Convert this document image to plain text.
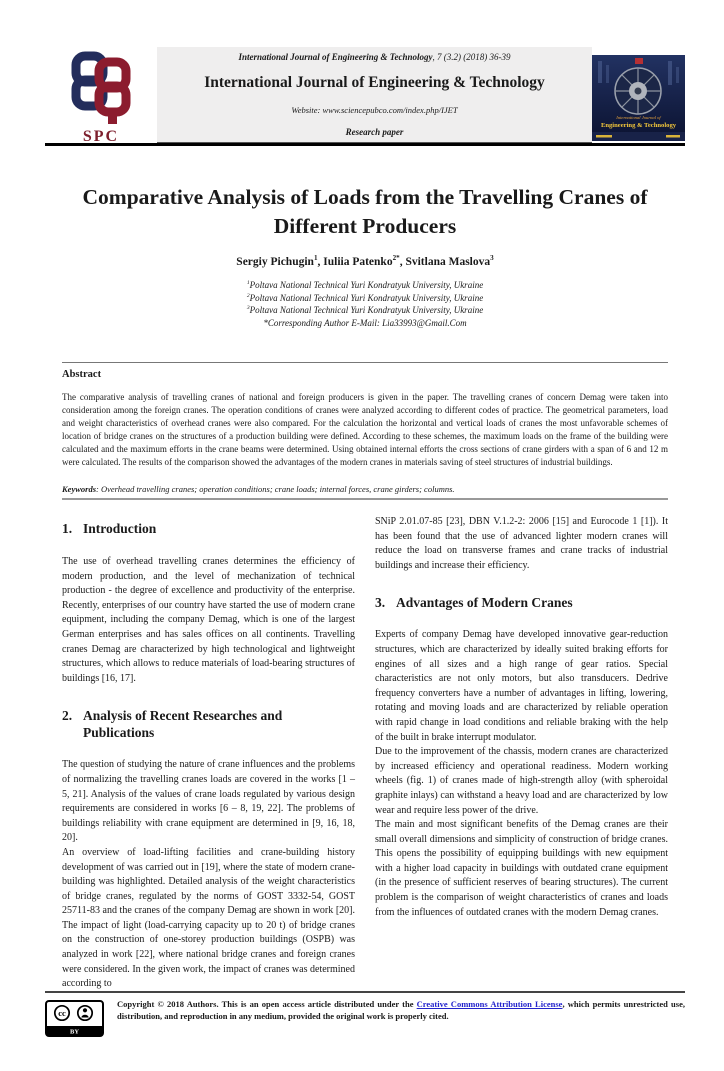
SPC
International Journal of Engineering & Technology, 7 (3.2) (2018) 36-39
International Journal of Engineering & Technology
Website: www.sciencepubco.com/index.php/IJET
Research paper
International Journal of
Engineering & Technology
Comparative Analysis of Loads from the Travelling Cranes of Different Producers
Sergiy Pichugin$^1$, Iuliia Patenko$^{2*}$, Svitlana Maslova$^3$
$^1$Poltava National Technical Yuri Kondratyuk University, Ukraine
$^2$Poltava National Technical Yuri Kondratyuk University, Ukraine
$^3$Poltava National Technical Yuri Kondratyuk University, Ukraine
*Corresponding Author E-Mail: Lia33993@Gmail.Com
Abstract
The comparative analysis of travelling cranes of national and foreign producers is given in the paper. The travelling cranes of concern Demag were taken into consideration among the foreign cranes. The operation conditions of cranes were analyzed according to different codes of practice. The geometrical parameters, load and weight characteristics of overhead cranes were also compared. For the calculation the horizontal and vertical loads of cranes the most unfavorable schemes of location of bridge cranes on the structures of a production building were defined. According to these schemes, the maximum loads on the frame of the building were calculated and the maximum efforts in the crane beams were determined. Using obtained internal efforts the cross sections of crane girders with a span of 6 and 12 m were calculated. The results of the comparison showed the advantages of the modern cranes in materials saving of steel structures of industrial buildings.
Keywords: Overhead travelling cranes; operation conditions; crane loads; internal forces, crane girders; columns.
1. Introduction

The use of overhead travelling cranes determines the efficiency of modern production, and the level of mechanization of technical production - the degree of excellence and productivity of the enterprise. Recently, enterprises of our country have started the use of modern crane equipment, including the company Demag, which is one of the largest German enterprises and has sales offices on all continents. Travelling cranes Demag are characterized by high technological and lightweight structures, which allows to reduce materials of load-bearing structures of buildings [16, 17].

2. Analysis of Recent Researches and Publications

The question of studying the nature of crane influences and the problems of normalizing the travelling cranes loads are covered in the works [1 – 5, 21]. Analysis of the values of crane loads regulated by various design requirements are considered in works [6 – 8, 19, 22]. The problems of buildings reliability with crane equipment are determined in [9, 16, 18, 20].

An overview of load-lifting facilities and crane-building history development of was carried out in [19], where the state of modern crane-building was highlighted. Detailed analysis of the weight characteristics of bridge cranes, regulated by the norms of GOST 3332-54, GOST 25711-83 and the cranes of the company Demag are shown in work [20]. The impact of light (load-carrying capacity up to 20 t) of bridge cranes on the construction of one-storey production buildings (OSPB) was analyzed in work [22], where national bridge cranes and foreign cranes were considered. In the given work, the impact of cranes was determined according to

SNiP 2.01.07-85 [23], DBN V.1.2-2: 2006 [15] and Eurocode 1 [1]). It has been found that the use of advanced lighter modern cranes will reduce the load on transverse frames and crane tracks of industrial buildings and increase their efficiency.

3. Advantages of Modern Cranes

Experts of company Demag have developed innovative gear-reduction structures, which are characterized by ideally suited braking efforts for engines of all sizes and a high range of gear ratios. Special characteristics are not only motors, but also transducers. Dedrive frequency converters have a number of advantages in lifting, lowering, rotating and moving loads and are characterized by reliable operation with rapid change in load conditions and reliable braking with the help of the built in brake interrupt modulator.

Due to the improvement of the chassis, modern cranes are characterized by increased efficiency and operational readiness. Modern working wheels (fig. 1) of cranes made of high-strength alloy (with spheroidal graphite inlays) can withstand a heavy load and are characterized by low wear and require less power of the drive.

The main and most significant benefits of the Demag cranes are their small overall dimensions and simplicity of construction of bridge cranes. This opens the possibility of equipping buildings with new equipment with a higher load capacity in buildings with outdated crane equipment (in the presence of sufficient reserves of bearing structures). The current problem is the comparison of weight characteristics of cranes and loads from the influences of outdated cranes with the modern Demag cranes.

cc
BY
Copyright © 2018 Authors. This is an open access article distributed under the Creative Commons Attribution License, which permits unrestricted use, distribution, and reproduction in any medium, provided the original work is properly cited.
